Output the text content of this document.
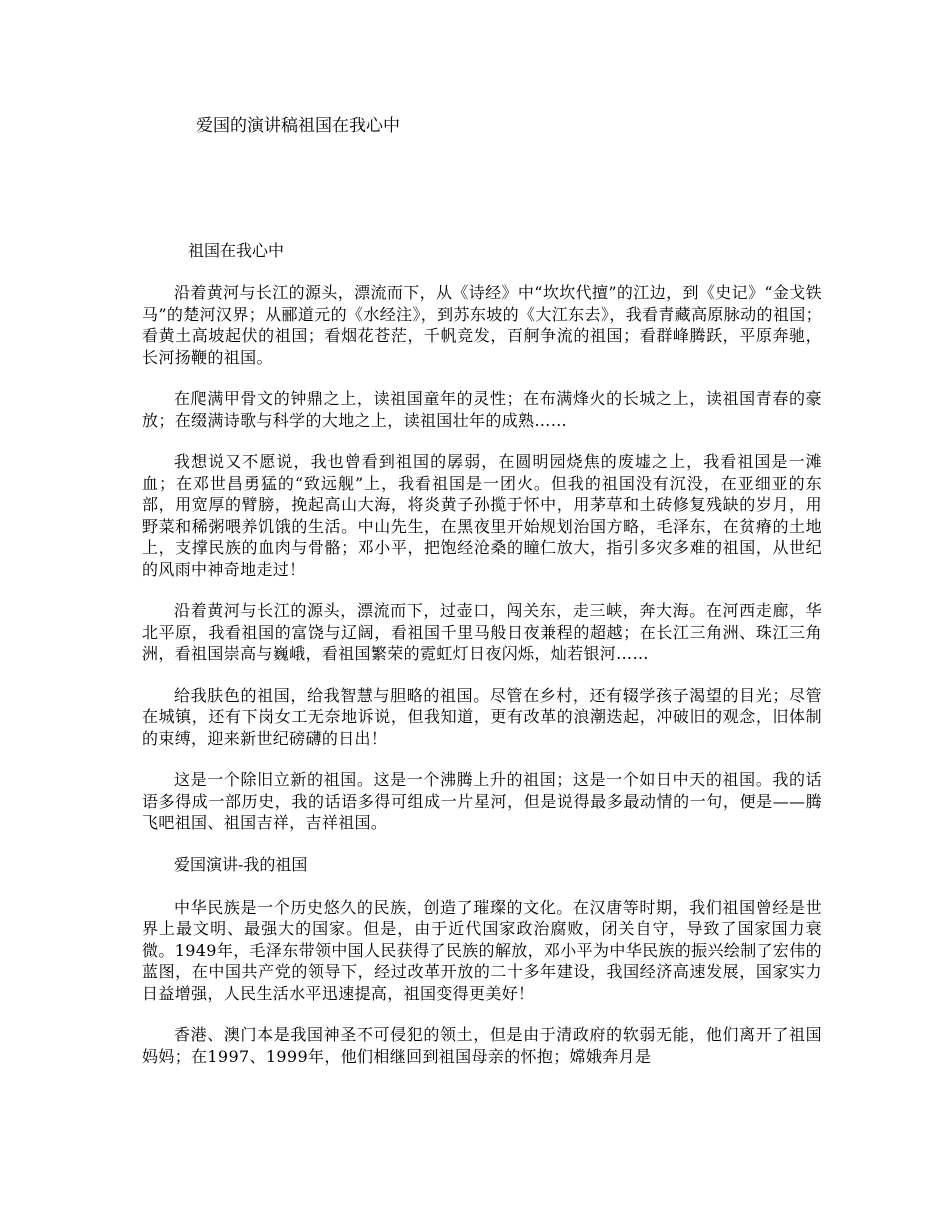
爱国的演讲稿祖国在我心中
祖国在我心中

沿着黄河与长江的源头，漂流而下，从《诗经》中“坎坎代擅”的江边，到《史记》“金戈铁马”的楚河汉界；从郦道元的《水经注》，到苏东坡的《大江东去》，我看青藏高原脉动的祖国；看黄土高坡起伏的祖国；看烟花苍茫，千帆竞发，百舸争流的祖国；看群峰腾跃，平原奔驰，长河扬鞭的祖国。

在爬满甲骨文的钟鼎之上，读祖国童年的灵性；在布满烽火的长城之上，读祖国青春的豪放；在缀满诗歌与科学的大地之上，读祖国壮年的成熟……

我想说又不愿说，我也曾看到祖国的孱弱，在圆明园烧焦的废墟之上，我看祖国是一滩血；在邓世昌勇猛的“致远舰”上，我看祖国是一团火。但我的祖国没有沉没，在亚细亚的东部，用宽厚的臂膀，挽起高山大海，将炎黄子孙揽于怀中，用茅草和土砖修复残缺的岁月，用野菜和稀粥喂养饥饿的生活。中山先生，在黑夜里开始规划治国方略，毛泽东，在贫瘠的土地上，支撑民族的血肉与骨骼；邓小平，把饱经沧桑的瞳仁放大，指引多灾多难的祖国，从世纪的风雨中神奇地走过！

沿着黄河与长江的源头，漂流而下，过壶口，闯关东，走三峡，奔大海。在河西走廊，华北平原，我看祖国的富饶与辽阔，看祖国千里马般日夜兼程的超越；在长江三角洲、珠江三角洲，看祖国崇高与巍峨，看祖国繁荣的霓虹灯日夜闪烁，灿若银河……

给我肤色的祖国，给我智慧与胆略的祖国。尽管在乡村，还有辍学孩子渴望的目光；尽管在城镇，还有下岗女工无奈地诉说，但我知道，更有改革的浪潮迭起，冲破旧的观念，旧体制的束缚，迎来新世纪磅礴的日出！

这是一个除旧立新的祖国。这是一个沸腾上升的祖国；这是一个如日中天的祖国。我的话语多得成一部历史，我的话语多得可组成一片星河，但是说得最多最动情的一句，便是——腾飞吧祖国、祖国吉祥，吉祥祖国。

爱国演讲-我的祖国

中华民族是一个历史悠久的民族，创造了璀璨的文化。在汉唐等时期，我们祖国曾经是世界上最文明、最强大的国家。但是，由于近代国家政治腐败，闭关自守，导致了国家国力衰微。1949年，毛泽东带领中国人民获得了民族的解放，邓小平为中华民族的振兴绘制了宏伟的蓝图，在中国共产党的领导下，经过改革开放的二十多年建设，我国经济高速发展，国家实力日益增强，人民生活水平迅速提高，祖国变得更美好！

香港、澳门本是我国神圣不可侵犯的领土，但是由于清政府的软弱无能，他们离开了祖国妈妈；在1997、1999年，他们相继回到祖国母亲的怀抱；嫦娥奔月是
